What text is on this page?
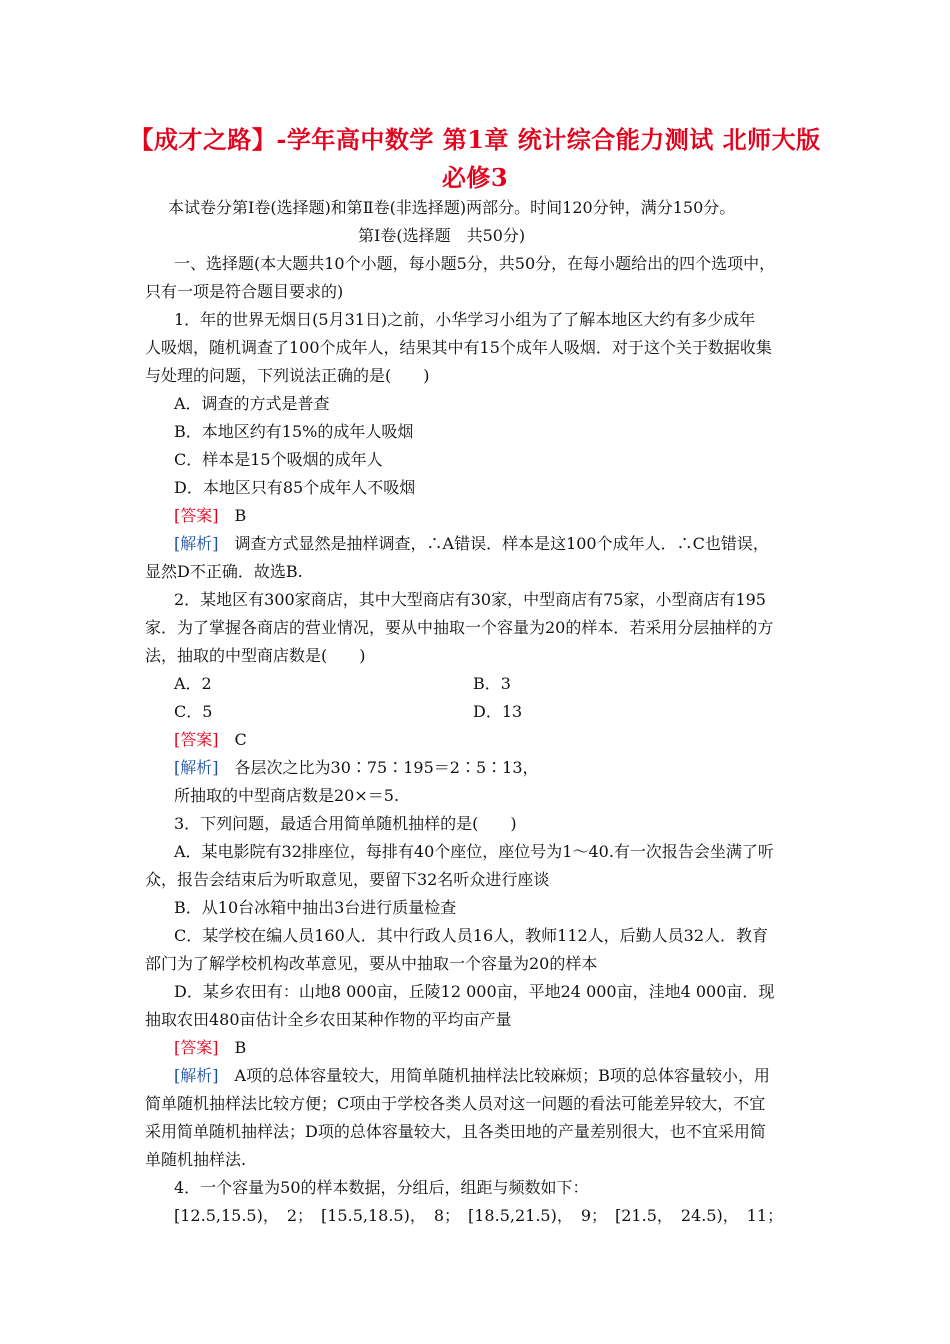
【成才之路】-学年高中数学 第1章 统计综合能力测试 北师大版
必修3
本试卷分第Ⅰ卷(选择题)和第Ⅱ卷(非选择题)两部分。时间120分钟，满分150分。
第Ⅰ卷(选择题　共50分)
一、选择题(本大题共10个小题，每小题5分，共50分，在每小题给出的四个选项中，
只有一项是符合题目要求的)
1．年的世界无烟日(5月31日)之前，小华学习小组为了了解本地区大约有多少成年
人吸烟，随机调查了100个成年人，结果其中有15个成年人吸烟．对于这个关于数据收集
与处理的问题，下列说法正确的是(　　)
A．调查的方式是普查
B．本地区约有15%的成年人吸烟
C．样本是15个吸烟的成年人
D．本地区只有85个成年人不吸烟
[答案]　 B
[解析]　 调查方式显然是抽样调查，∴A错误．样本是这100个成年人．∴C也错误，
显然D不正确．故选B.
2．某地区有300家商店，其中大型商店有30家，中型商店有75家，小型商店有195
家．为了掌握各商店的营业情况，要从中抽取一个容量为20的样本．若采用分层抽样的方
法，抽取的中型商店数是(　　)
A．2	B．3
C．5	D．13
[答案]　 C
[解析]　 各层次之比为30∶75∶195＝2∶5∶13，
所抽取的中型商店数是20×＝5.
3．下列问题，最适合用简单随机抽样的是(　　)
A．某电影院有32排座位，每排有40个座位，座位号为1～40.有一次报告会坐满了听
众，报告会结束后为听取意见，要留下32名听众进行座谈
B．从10台冰箱中抽出3台进行质量检查
C．某学校在编人员160人．其中行政人员16人，教师112人，后勤人员32人．教育
部门为了解学校机构改革意见，要从中抽取一个容量为20的样本
D．某乡农田有：山地8 000亩，丘陵12 000亩，平地24 000亩，洼地4 000亩．现
抽取农田480亩估计全乡农田某种作物的平均亩产量
[答案]　 B
[解析]　 A项的总体容量较大，用简单随机抽样法比较麻烦；B项的总体容量较小，用
简单随机抽样法比较方便；C项由于学校各类人员对这一问题的看法可能差异较大，不宜
采用简单随机抽样法；D项的总体容量较大，且各类田地的产量差别很大，也不宜采用简
单随机抽样法.
4．一个容量为50的样本数据，分组后，组距与频数如下：
[12.5,15.5)，　2；　[15.5,18.5)，　8；　[18.5,21.5)，　9；　[21.5，　24.5)，　11；
